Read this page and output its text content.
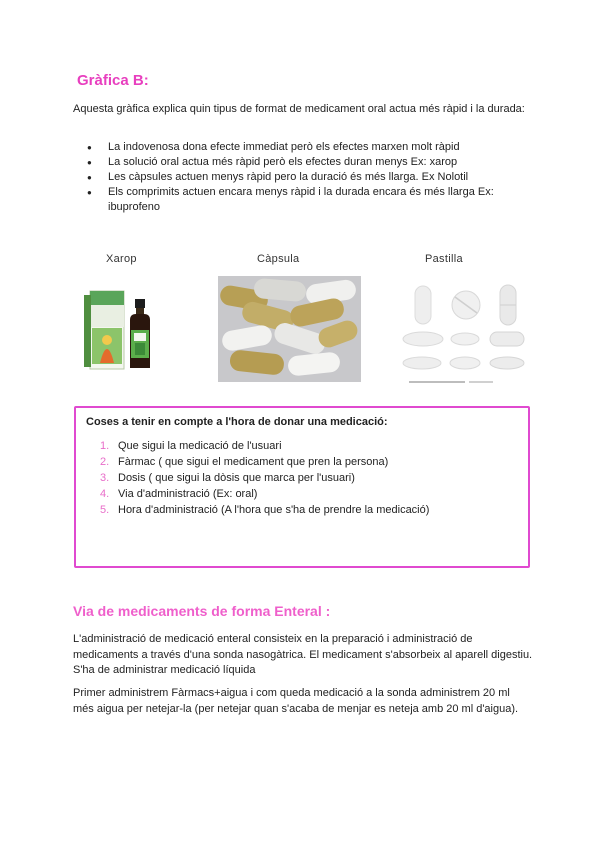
Gràfica B:
Aquesta gràfica explica quin tipus de format de medicament oral actua més ràpid i la durada:
● La indovenosa dona efecte immediat però els efectes marxen molt ràpid
● La solució oral actua més ràpid però els efectes duran menys Ex: xarop
● Les càpsules actuen menys ràpid pero la duració és més llarga. Ex Nolotil
● Els comprimits actuen encara menys ràpid i la durada encara és més llarga Ex: ibuprofeno
Xarop	Càpsula	Pastilla
Coses a tenir en compte a l'hora de donar una medicació:
1. Que sigui la medicació de l'usuari
2. Fàrmac ( que sigui el medicament que pren la persona)
3. Dosis ( que sigui la dòsis que marca per l'usuari)
4. Via d'administració (Ex: oral)
5. Hora d'administració (A l'hora que s'ha de prendre la medicació)
Via de medicaments de forma Enteral :
L'administració de medicació enteral consisteix en la preparació i administració de medicaments a través d'una sonda nasogàtrica. El medicament s'absorbeix al aparell digestiu. S'ha de administrar medicació líquida
Primer administrem Fàrmacs+aigua i com queda medicació a la sonda administrem 20 ml més aigua per netejar-la (per netejar quan s'acaba de menjar es neteja amb 20 ml d'aigua).
